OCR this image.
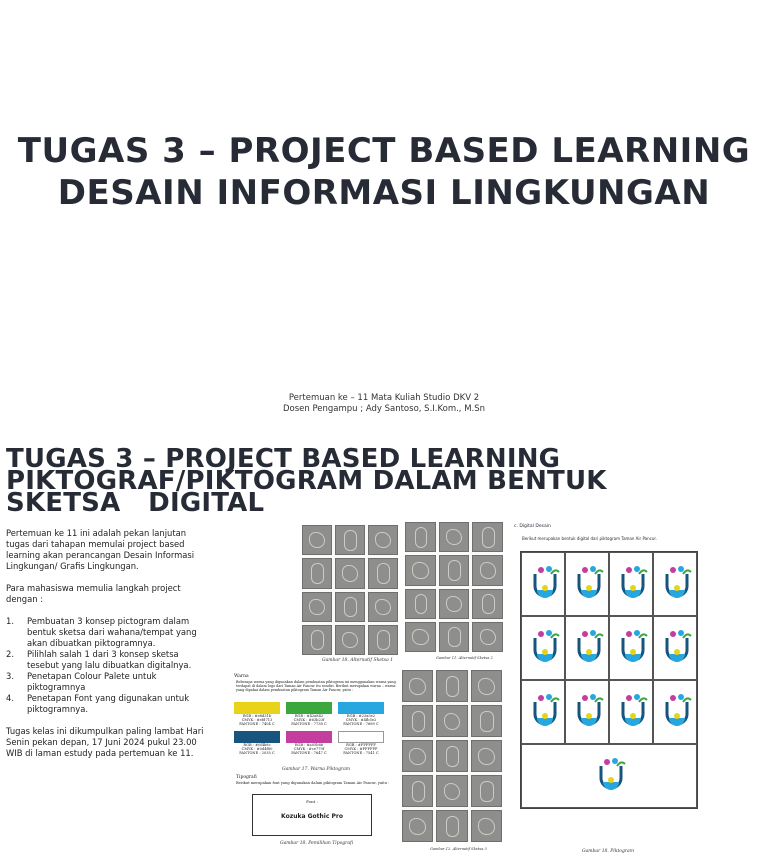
TUGAS 3 – PROJECT BASED LEARNING
DESAIN INFORMASI LINGKUNGAN
Pertemuan ke – 11 Mata Kuliah Studio DKV 2
Dosen Pengampu ; Ady Santoso, S.I.Kom., M.Sn
TUGAS 3 – PROJECT BASED LEARNING
PIKTOGRAF/PIKTOGRAM DALAM BENTUK
SKETSA   DIGITAL

Pertemuan ke 11 ini adalah pekan lanjutan tugas dari tahapan memulai project based learning akan perancangan Desain Informasi Lingkungan/ Grafis Lingkungan.

Para mahasiswa memulia langkah project dengan :

1. Pembuatan 3 konsep pictogram dalam bentuk sketsa dari wahana/tempat yang akan dibuatkan piktogramnya.
2. Pilihlah salah 1 dari 3 konsep sketsa tesebut yang lalu dibuatkan digitalnya.
3. Penetapan Colour Palete untuk piktogramnya
4. Penetapan Font yang digunakan untuk piktogramnya.

Tugas kelas ini dikumpulkan paling lambat Hari Senin pekan depan, 17 Juni 2024 pukul 23.00 WIB di laman estudy pada pertemuan ke 11.

Gambar 18. Alternatif Sketsa 1	Gambar 11. Alternatif Sketsa 2
Warna
Beberapa warna yang digunakan dalam pembuatan piktogram ini menggunakan warna yang terdapat di dalam logo dari Taman Air Pancur itu sendiri. Berikut merupakan warna – warna yang dipakai dalam pembuatan piktogram Taman Air Pancur, yaitu :
RGB : #e8d31b
CMYK : #efd713
PANTONE : 7404 C
RGB : #42a842
CMYK : #63b23f
PANTONE : 7738 C
RGB : #23a5e2
CMYK : #4fb5e2
PANTONE : 7689 C
RGB : #0f4b8c
CMYK : #0d4f80
PANTONE : 2035 C
RGB : #a05b86
CMYK : #ce779f
PANTONE : 7647 C
RGB : #FFFFFF
CMYK : #FFFFFF
PANTONE : 7541 C
Gambar 17. Warna Piktogram
Tipografi
Berikut merupakan font yang digunakan dalam piktogram Taman Air Pancur, yaitu :
Font :
Kozuka Gothic Pro
Gambar 18. Pemilihan Tipografi
Gambar 12. Alternatif Sketsa 3
c. Digital Desain
Berikut merupakan bentuk digital dari piktogram Taman Air Pancur.
Gambar 18. Piktogram
